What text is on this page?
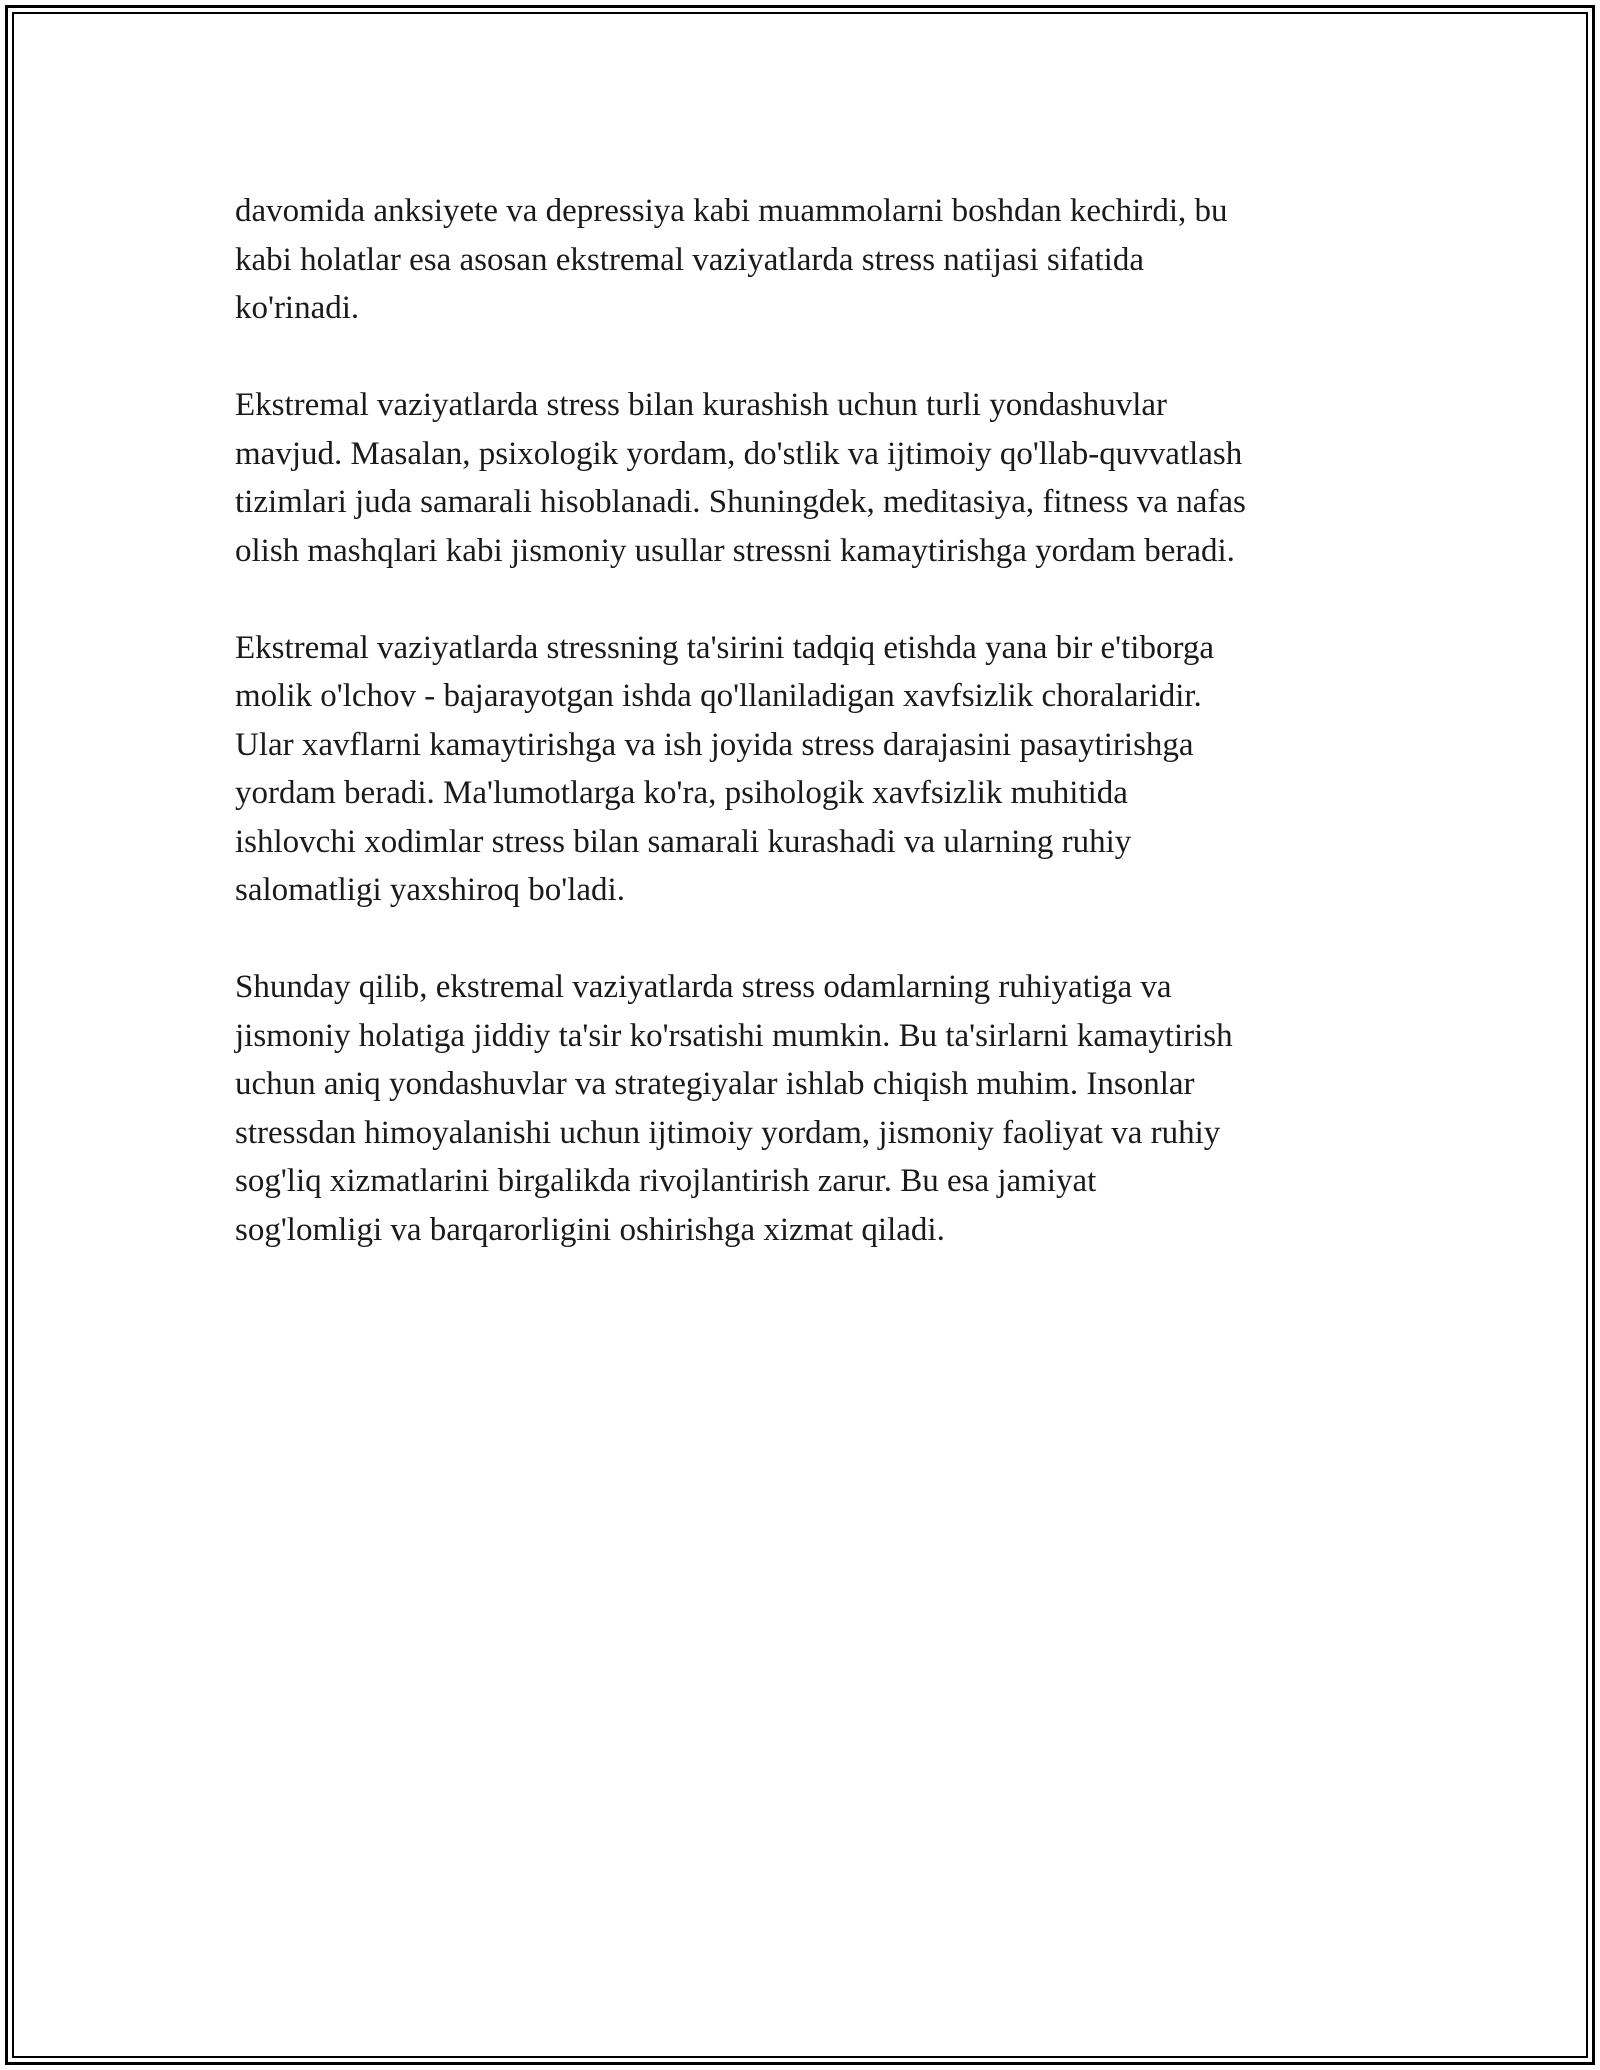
davomida anksiyete va depressiya kabi muammolarni boshdan kechirdi, bu
kabi holatlar esa asosan ekstremal vaziyatlarda stress natijasi sifatida
ko'rinadi.

Ekstremal vaziyatlarda stress bilan kurashish uchun turli yondashuvlar
mavjud. Masalan, psixologik yordam, do'stlik va ijtimoiy qo'llab-quvvatlash
tizimlari juda samarali hisoblanadi. Shuningdek, meditasiya, fitness va nafas
olish mashqlari kabi jismoniy usullar stressni kamaytirishga yordam beradi.

Ekstremal vaziyatlarda stressning ta'sirini tadqiq etishda yana bir e'tiborga
molik o'lchov - bajarayotgan ishda qo'llaniladigan xavfsizlik choralaridir.
Ular xavflarni kamaytirishga va ish joyida stress darajasini pasaytirishga
yordam beradi. Ma'lumotlarga ko'ra, psihologik xavfsizlik muhitida
ishlovchi xodimlar stress bilan samarali kurashadi va ularning ruhiy
salomatligi yaxshiroq bo'ladi.

Shunday qilib, ekstremal vaziyatlarda stress odamlarning ruhiyatiga va
jismoniy holatiga jiddiy ta'sir ko'rsatishi mumkin. Bu ta'sirlarni kamaytirish
uchun aniq yondashuvlar va strategiyalar ishlab chiqish muhim. Insonlar
stressdan himoyalanishi uchun ijtimoiy yordam, jismoniy faoliyat va ruhiy
sog'liq xizmatlarini birgalikda rivojlantirish zarur. Bu esa jamiyat
sog'lomligi va barqarorligini oshirishga xizmat qiladi.
